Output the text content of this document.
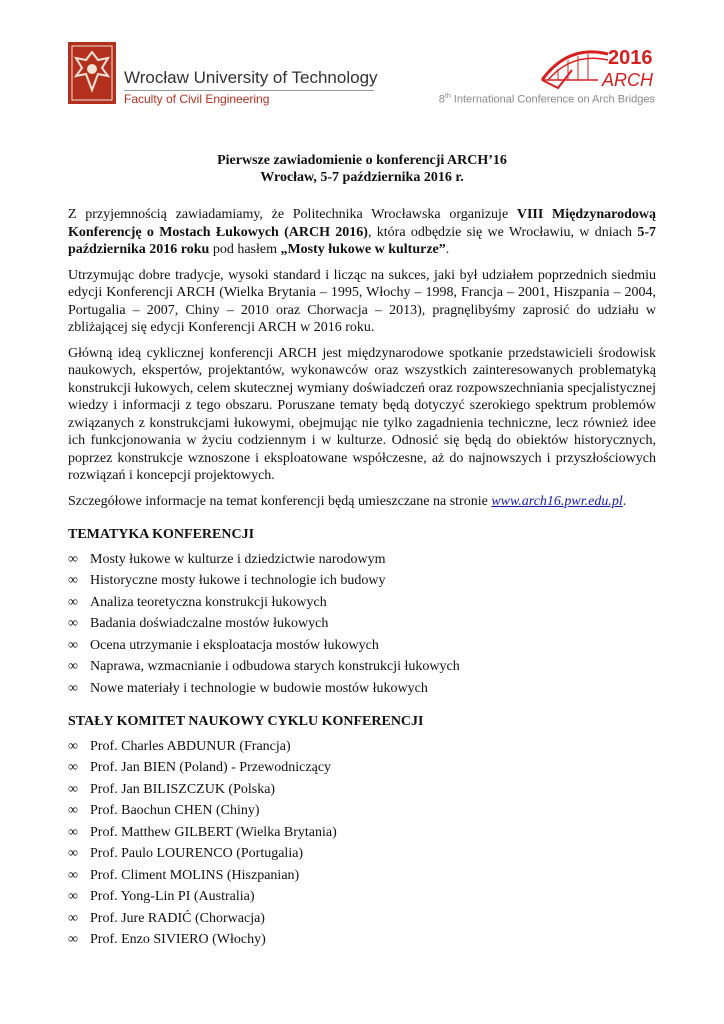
Wrocław University of Technology
Faculty of Civil Engineering
2016
ARCH
8th International Conference on Arch Bridges
Pierwsze zawiadomienie o konferencji ARCH’16
Wrocław, 5-7 października 2016 r.

Z przyjemnością zawiadamiamy, że Politechnika Wrocławska organizuje VIII Międzynarodową Konferencję o Mostach Łukowych (ARCH 2016), która odbędzie się we Wrocławiu, w dniach 5-7 października 2016 roku pod hasłem „Mosty łukowe w kulturze”.

Utrzymując dobre tradycje, wysoki standard i licząc na sukces, jaki był udziałem poprzednich siedmiu edycji Konferencji ARCH (Wielka Brytania – 1995, Włochy – 1998, Francja – 2001, Hiszpania – 2004, Portugalia – 2007, Chiny – 2010 oraz Chorwacja – 2013), pragnęlibyśmy zaprosić do udziału w zbliżającej się edycji Konferencji ARCH w 2016 roku.

Główną ideą cyklicznej konferencji ARCH jest międzynarodowe spotkanie przedstawicieli środowisk naukowych, ekspertów, projektantów, wykonawców oraz wszystkich zainteresowanych problematyką konstrukcji łukowych, celem skutecznej wymiany doświadczeń oraz rozpowszechniania specjalistycznej wiedzy i informacji z tego obszaru. Poruszane tematy będą dotyczyć szerokiego spektrum problemów związanych z konstrukcjami łukowymi, obejmując nie tylko zagadnienia techniczne, lecz również idee ich funkcjonowania w życiu codziennym i w kulturze. Odnosić się będą do obiektów historycznych, poprzez konstrukcje wznoszone i eksploatowane współczesne, aż do najnowszych i przyszłościowych rozwiązań i koncepcji projektowych.

Szczegółowe informacje na temat konferencji będą umieszczane na stronie www.arch16.pwr.edu.pl.

TEMATYKA KONFERENCJI
∞ Mosty łukowe w kulturze i dziedzictwie narodowym
∞ Historyczne mosty łukowe i technologie ich budowy
∞ Analiza teoretyczna konstrukcji łukowych
∞ Badania doświadczalne mostów łukowych
∞ Ocena utrzymanie i eksploatacja mostów łukowych
∞ Naprawa, wzmacnianie i odbudowa starych konstrukcji łukowych
∞ Nowe materiały i technologie w budowie mostów łukowych
STAŁY KOMITET NAUKOWY CYKLU KONFERENCJI
∞ Prof. Charles ABDUNUR (Francja)
∞ Prof. Jan BIEN (Poland) - Przewodniczący
∞ Prof. Jan BILISZCZUK (Polska)
∞ Prof. Baochun CHEN (Chiny)
∞ Prof. Matthew GILBERT (Wielka Brytania)
∞ Prof. Paulo LOURENCO (Portugalia)
∞ Prof. Climent MOLINS (Hiszpanian)
∞ Prof. Yong-Lin PI (Australia)
∞ Prof. Jure RADIĆ (Chorwacja)
∞ Prof. Enzo SIVIERO (Włochy)
